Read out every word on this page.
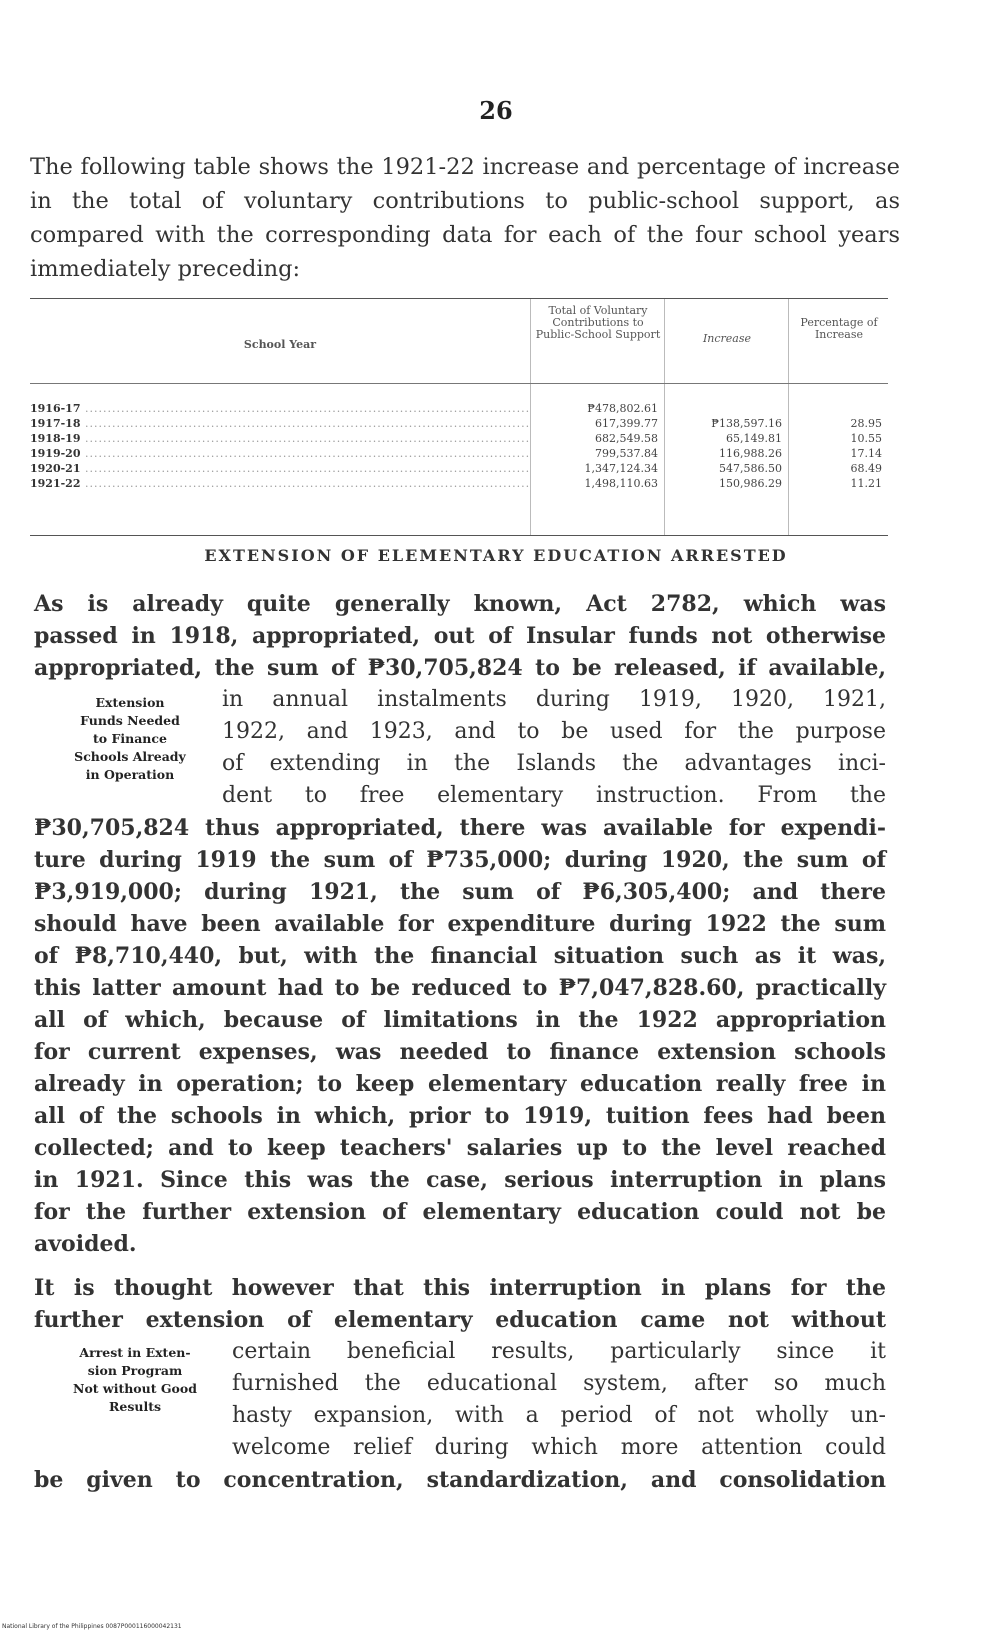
26
The following table shows the 1921-22 increase and percentage of increase in the total of voluntary contributions to public-school support, as compared with the corresponding data for each of the four school years immediately preceding:
School Year
Total of Voluntary Contributions to Public-School Support	Increase
Percentage of Increase
1916-17 .....
1917-18 .....
1918-19 .....
1919-20 .....
1920-21 .....
1921-22 .....
₱478,802.61
617,399.77
682,549.58
799,537.84
1,347,124.34
1,498,110.63
₱138,597.16
65,149.81
116,988.26
547,586.50
150,986.29
28.95
10.55
17.14
68.49
11.21
EXTENSION OF ELEMENTARY EDUCATION ARRESTED
As is already quite generally known, Act 2782, which was
passed in 1918, appropriated, out of Insular funds not otherwise
appropriated, the sum of ₱30,705,824 to be released, if available,
Extension
Funds Needed
to Finance
Schools Already
in Operation
in annual instalments during 1919, 1920, 1921,
1922, and 1923, and to be used for the purpose
of extending in the Islands the advantages inci-
dent to free elementary instruction. From the
₱30,705,824 thus appropriated, there was available for expendi-
ture during 1919 the sum of ₱735,000; during 1920, the sum of
₱3,919,000; during 1921, the sum of ₱6,305,400; and there
should have been available for expenditure during 1922 the sum
of ₱8,710,440, but, with the financial situation such as it was,
this latter amount had to be reduced to ₱7,047,828.60, practically
all of which, because of limitations in the 1922 appropriation
for current expenses, was needed to finance extension schools
already in operation; to keep elementary education really free in
all of the schools in which, prior to 1919, tuition fees had been
collected; and to keep teachers' salaries up to the level reached
in 1921. Since this was the case, serious interruption in plans
for the further extension of elementary education could not be
avoided.
It is thought however that this interruption in plans for the
further extension of elementary education came not without
Arrest in Exten-
sion Program
Not without Good
Results
certain beneficial results, particularly since it
furnished the educational system, after so much
hasty expansion, with a period of not wholly un-
welcome relief during which more attention could
be given to concentration, standardization, and consolidation
National Library of the Philippines 0087P000116000042131
